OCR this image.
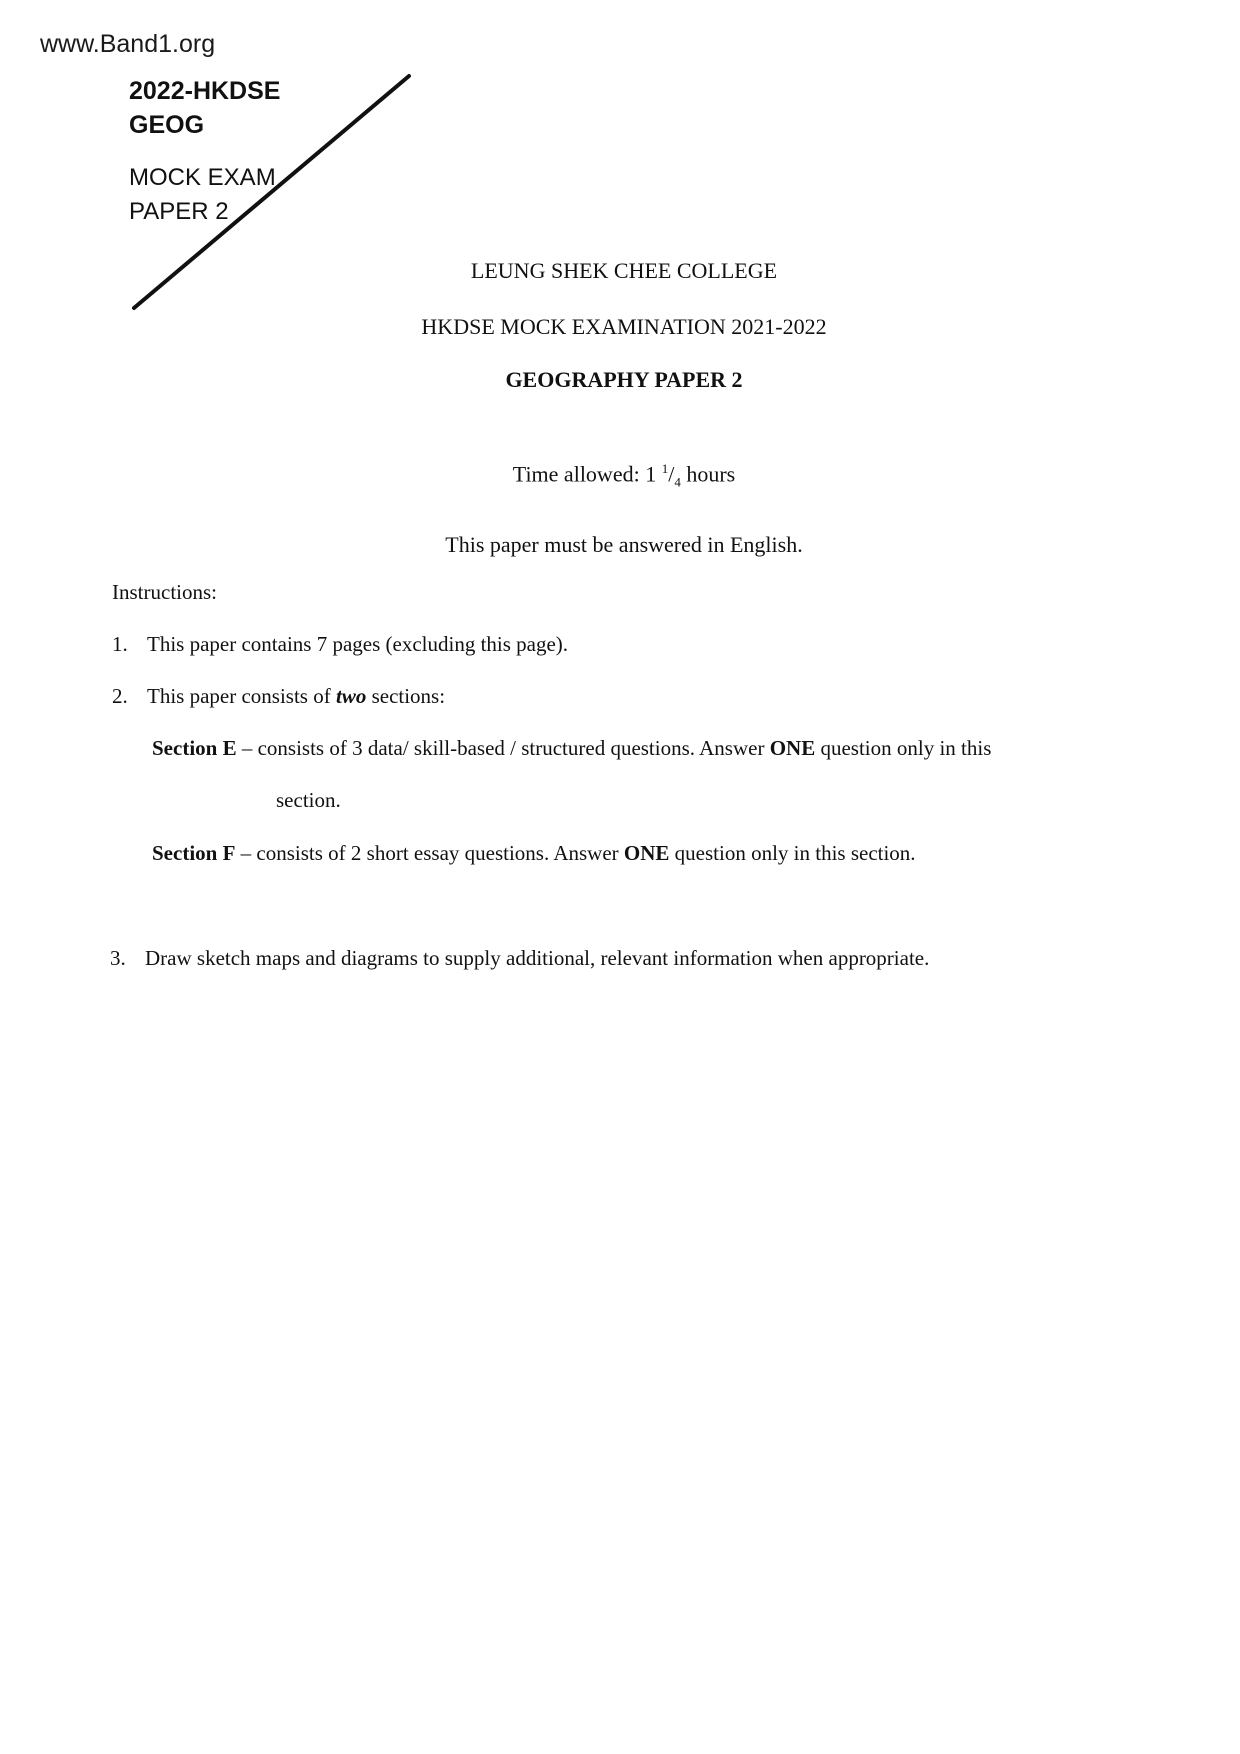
www.Band1.org
2022-HKDSE
GEOG
MOCK EXAM
PAPER 2
LEUNG SHEK CHEE COLLEGE
HKDSE MOCK EXAMINATION 2021-2022
GEOGRAPHY PAPER 2
Time allowed: 1 $^1/_4$ hours
This paper must be answered in English.
Instructions:
1. This paper contains 7 pages (excluding this page).
2. This paper consists of two sections:
Section E – consists of 3 data/ skill-based / structured questions. Answer ONE question only in this
section.
Section F – consists of 2 short essay questions. Answer ONE question only in this section.
3. Draw sketch maps and diagrams to supply additional, relevant information when appropriate.
